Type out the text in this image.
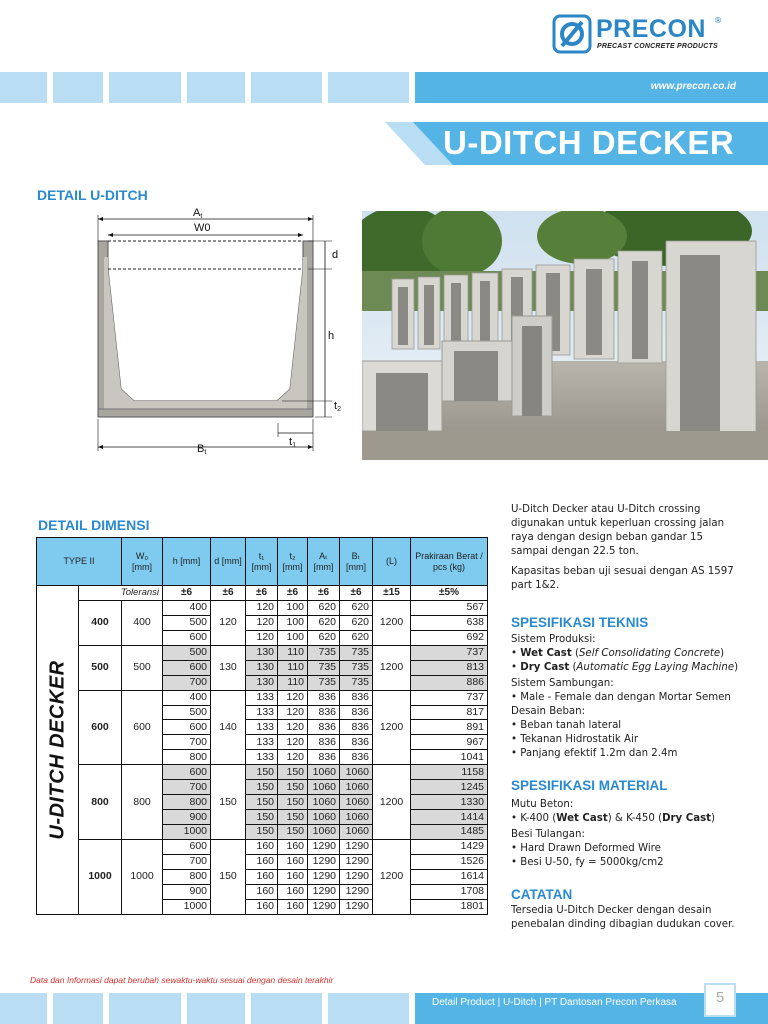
PRECON ®
PRECAST CONCRETE PRODUCTS
www.precon.co.id
U-DITCH DECKER
DETAIL U-DITCH
At
W0
d
h
t2
Bt
t1
DETAIL DIMENSI
TYPE II		W₀ [mm]	h [mm]	d [mm]	t₁ [mm]	t₂ [mm]	Aₜ [mm]	Bₜ [mm]	(L)	Prakiraan Berat / pcs (kg)

U-DITCH DECKER	Toleransi		±6	±6	±6	±6	±6	±6	±15	±5%
	400	400	400	120	120	100	620	620	1200	567
			500		120	100	620	620		638
			600		120	100	620	620		692
	500	500	500	130	130	110	735	735	1200	737
			600		130	110	735	735		813
			700		130	110	735	735		886
	600	600	400	140	133	120	836	836	1200	737
			500		133	120	836	836		817
			600		133	120	836	836		891
			700		133	120	836	836		967
			800		133	120	836	836		1041
	800	800	600	150	150	150	1060	1060	1200	1158
			700		150	150	1060	1060		1245
			800		150	150	1060	1060		1330
			900		150	150	1060	1060		1414
			1000		150	150	1060	1060		1485
	1000	1000	600	150	160	160	1290	1290	1200	1429
			700		160	160	1290	1290		1526
			800		160	160	1290	1290		1614
			900		160	160	1290	1290		1708
			1000		160	160	1290	1290		1801

U-Ditch Decker atau U-Ditch crossing digunakan untuk keperluan crossing jalan raya dengan design beban gandar 15 sampai dengan 22.5 ton.

Kapasitas beban uji sesuai dengan AS 1597 part 1&2.

SPESIFIKASI TEKNIS

Sistem Produksi:

• Wet Cast (Self Consolidating Concrete)
• Dry Cast (Automatic Egg Laying Machine)

Sistem Sambungan:

• Male - Female dan dengan Mortar Semen

Desain Beban:

• Beban tanah lateral
• Tekanan Hidrostatik Air
• Panjang efektif 1.2m dan 2.4m
SPESIFIKASI MATERIAL

Mutu Beton:

• K-400 (Wet Cast) & K-450 (Dry Cast)

Besi Tulangan:

• Hard Drawn Deformed Wire
• Besi U-50, fy = 5000kg/cm2
CATATAN
Tersedia U-Ditch Decker dengan desain penebalan dinding dibagian dudukan cover.
Data dan Informasi dapat berubah sewaktu-waktu sesuai dengan desain terakhir
Detail Product | U-Ditch | PT Dantosan Precon Perkasa	5
